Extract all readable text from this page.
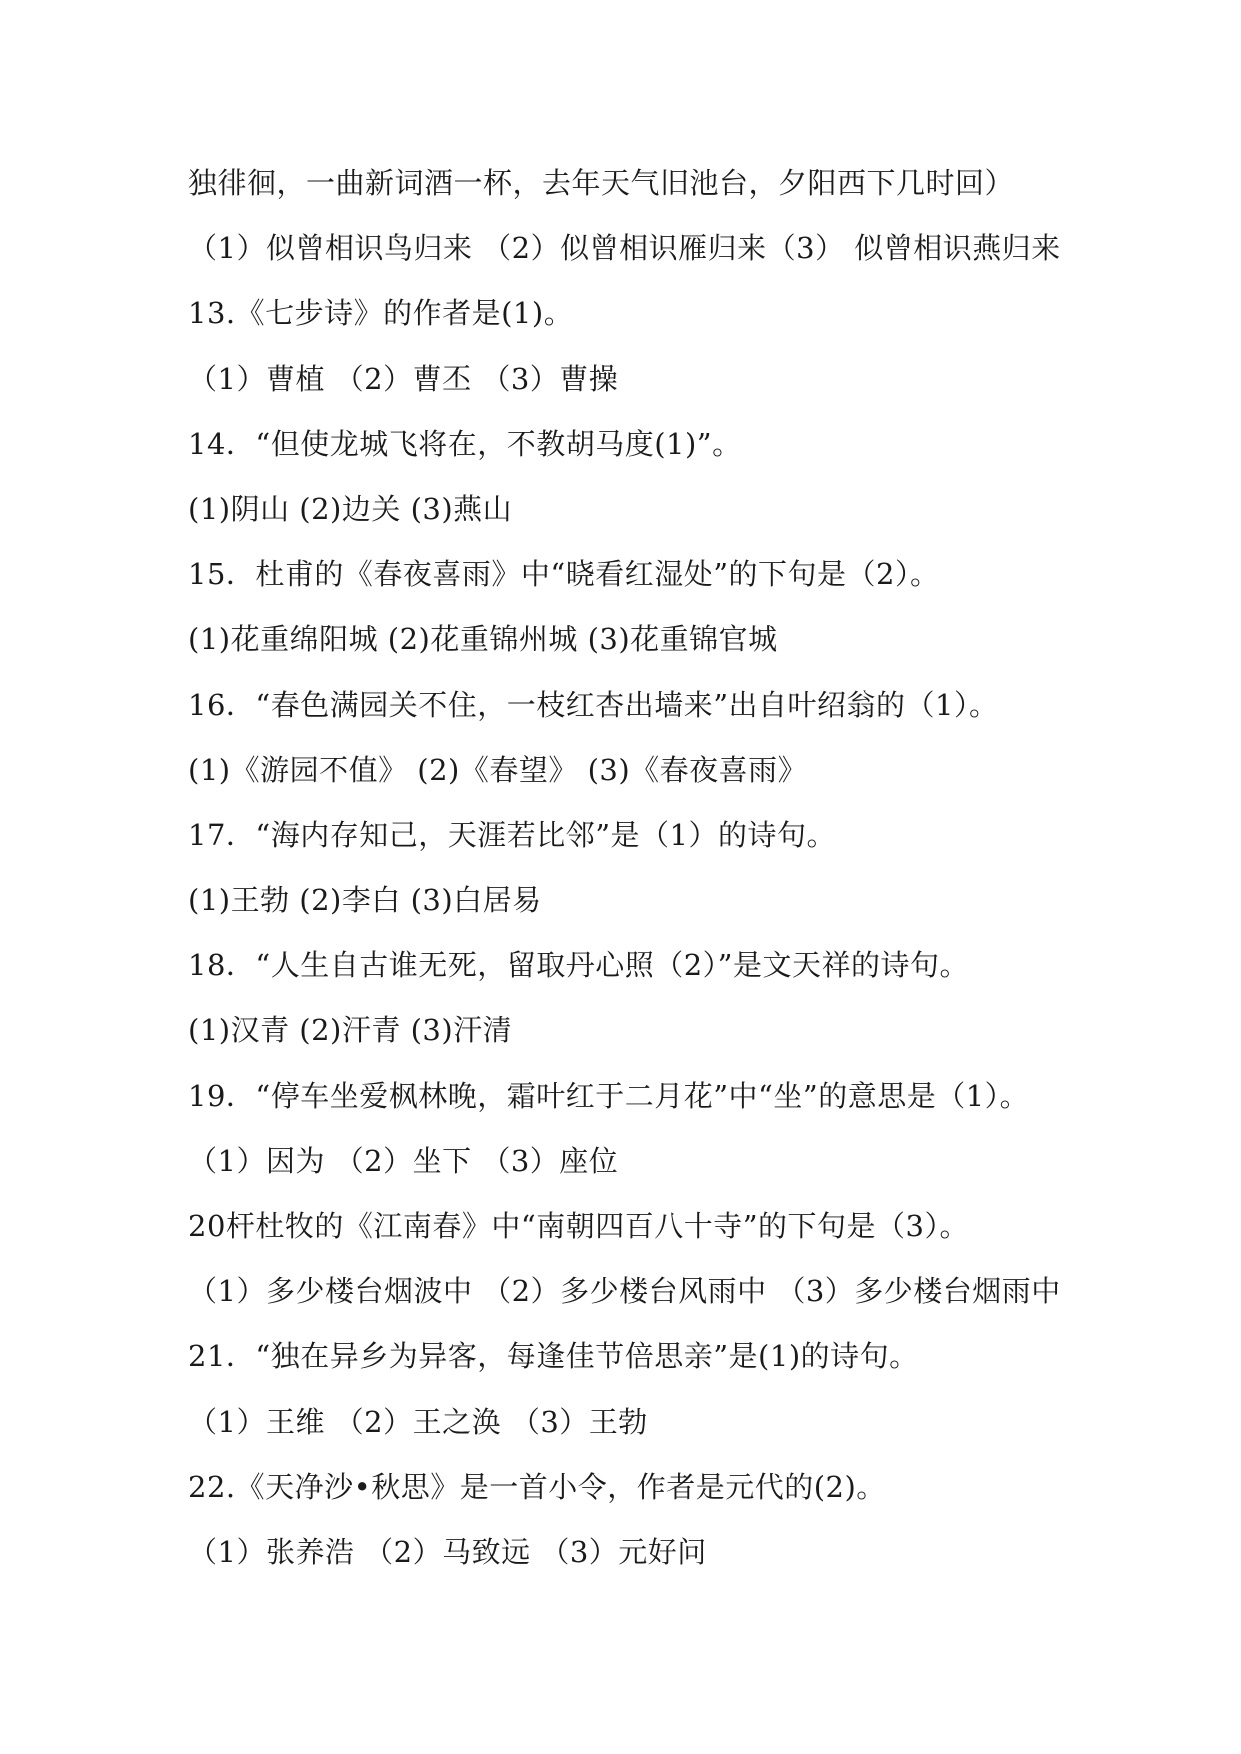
独徘徊，一曲新词酒一杯，去年天气旧池台，夕阳西下几时回）
（1）似曾相识鸟归来 （2）似曾相识雁归来（3） 似曾相识燕归来
13.《七步诗》的作者是(1)。
（1）曹植 （2）曹丕 （3）曹操
14．“但使龙城飞将在，不教胡马度(1)”。
(1)阴山 (2)边关 (3)燕山
15．杜甫的《春夜喜雨》中“晓看红湿处”的下句是（2）。
(1)花重绵阳城 (2)花重锦州城 (3)花重锦官城
16．“春色满园关不住，一枝红杏出墙来”出自叶绍翁的（1）。
(1)《游园不值》 (2)《春望》 (3)《春夜喜雨》
17．“海内存知己，天涯若比邻”是（1）的诗句。
(1)王勃 (2)李白 (3)白居易
18．“人生自古谁无死，留取丹心照（2）”是文天祥的诗句。
(1)汉青 (2)汗青 (3)汗清
19．“停车坐爱枫林晚，霜叶红于二月花”中“坐”的意思是（1）。
（1）因为 （2）坐下 （3）座位
20杆杜牧的《江南春》中“南朝四百八十寺”的下句是（3）。
（1）多少楼台烟波中 （2）多少楼台风雨中 （3）多少楼台烟雨中
21．“独在异乡为异客，每逢佳节倍思亲”是(1)的诗句。
（1）王维 （2）王之涣 （3）王勃
22.《天净沙•秋思》是一首小令，作者是元代的(2)。
（1）张养浩 （2）马致远 （3）元好问
